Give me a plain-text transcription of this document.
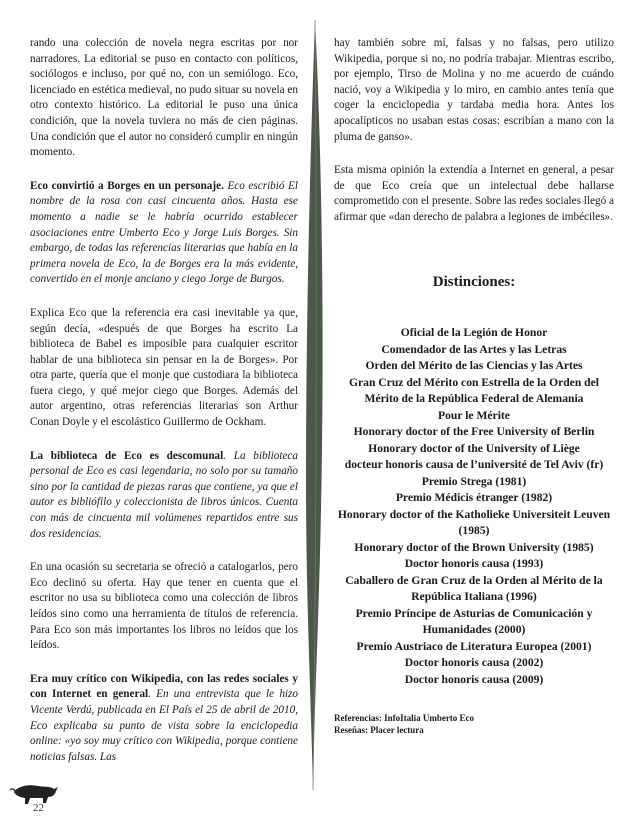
rando una colección de novela negra escritas por nor narradores. La editorial se puso en contacto con políticos, sociólogos e incluso, por qué no, con un semiólogo. Eco, licenciado en estética medieval, no pudo situar su novela en otro contexto histórico. La editorial le puso una única condición, que la novela tuviera no más de cien páginas. Una condición que el autor no consideró cumplir en ningún momento.

Eco convirtió a Borges en un personaje. Eco escribió El nombre de la rosa con casi cincuenta años. Hasta ese momento a nadie se le habría ocurrido establecer asociaciones entre Umberto Eco y Jorge Luis Borges. Sin embargo, de todas las referencias literarias que había en la primera novela de Eco, la de Borges era la más evidente, convertido en el monje anciano y ciego Jorge de Burgos.

Explica Eco que la referencia era casi inevitable ya que, según decía, «después de que Borges ha escrito La biblioteca de Babel es imposible para cualquier escritor hablar de una biblioteca sin pensar en la de Borges». Por otra parte, quería que el monje que custodiara la biblioteca fuera ciego, y qué mejor ciego que Borges. Además del autor argentino, otras referencias literarias son Arthur Conan Doyle y el escolástico Guillermo de Ockham.

La biblioteca de Eco es descomunal. La biblioteca personal de Eco es casi legendaria, no solo por su tamaño sino por la cantidad de piezas raras que contiene, ya que el autor es bibliófilo y coleccionista de libros únicos. Cuenta con más de cincuenta mil volúmenes repartidos entre sus dos residencias.

En una ocasión su secretaria se ofreció a catalogarlos, pero Eco declinó su oferta. Hay que tener en cuenta que el escritor no usa su biblioteca como una colección de libros leídos sino como una herramienta de títulos de referencia. Para Eco son más importantes los libros no leídos que los leídos.

Era muy crítico con Wikipedia, con las redes sociales y con Internet en general. En una entrevista que le hizo Vicente Verdú, publicada en El País el 25 de abril de 2010, Eco explicaba su punto de vista sobre la enciclopedia online: «yo soy muy crítico con Wikipedia, porque contiene noticias falsas. Las

hay también sobre mí, falsas y no falsas, pero utilizo Wikipedia, porque si no, no podría trabajar. Mientras escribo, por ejemplo, Tirso de Molina y no me acuerdo de cuándo nació, voy a Wikipedia y lo miro, en cambio antes tenía que coger la enciclopedia y tardaba media hora. Antes los apocalípticos no usaban estas cosas: escribían a mano con la pluma de ganso».

Esta misma opinión la extendía a Internet en general, a pesar de que Eco creía que un intelectual debe hallarse comprometido con el presente. Sobre las redes sociales llegó a afirmar que «dan derecho de palabra a legiones de imbéciles».

Distinciones:
Oficial de la Legión de Honor
Comendador de las Artes y las Letras
Orden del Mérito de las Ciencias y las Artes
Gran Cruz del Mérito con Estrella de la Orden del Mérito de la República Federal de Alemania
Pour le Mérite
Honorary doctor of the Free University of Berlin
Honorary doctor of the University of Liège
docteur honoris causa de l’université de Tel Aviv (fr)
Premio Strega (1981)
Premio Médicis étranger (1982)
Honorary doctor of the Katholieke Universiteit Leuven (1985)
Honorary doctor of the Brown University (1985)
Doctor honoris causa (1993)
Caballero de Gran Cruz de la Orden al Mérito de la República Italiana (1996)
Premio Príncipe de Asturias de Comunicación y Humanidades (2000)
Premio Austriaco de Literatura Europea (2001)
Doctor honoris causa (2002)
Doctor honoris causa (2009)
Referencias: InfoItalia Umberto Eco
Reseñas: Placer lectura
22
